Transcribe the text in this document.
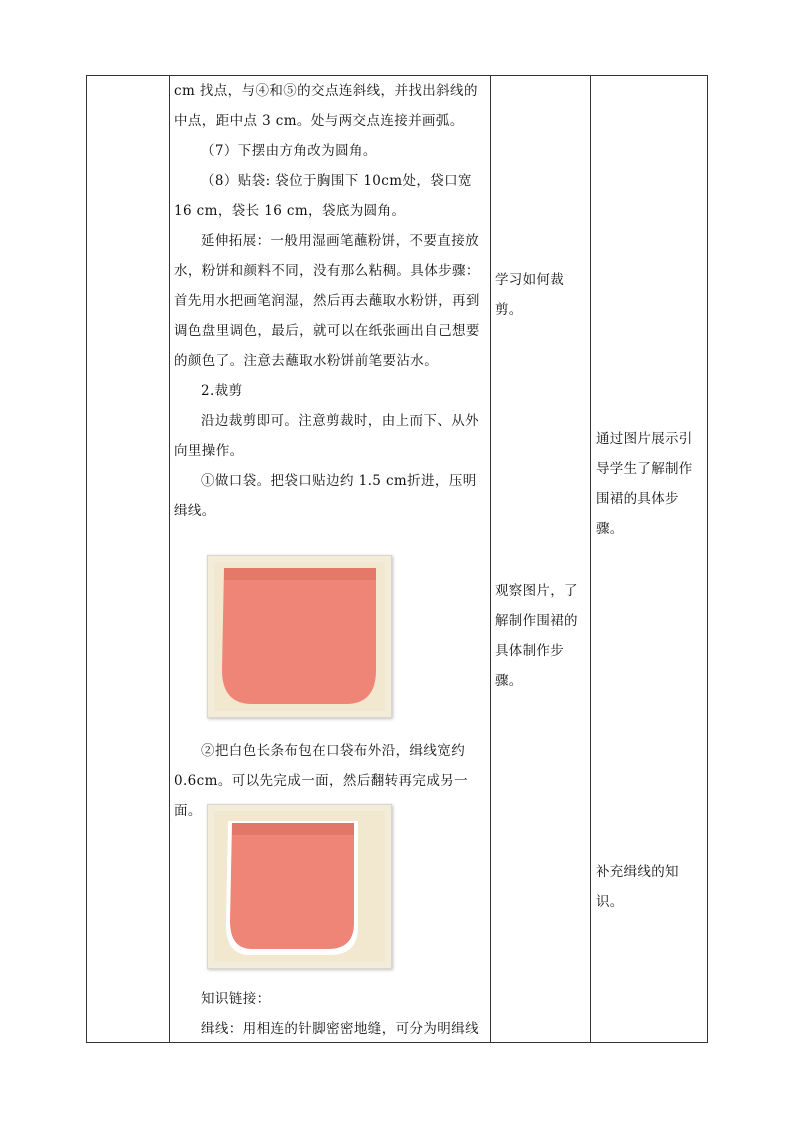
cm 找点，与④和⑤的交点连斜线，并找出斜线的中点，距中点 3 cm。处与两交点连接并画弧。

（7）下摆由方角改为圆角。

（8）贴袋: 袋位于胸围下 10cm处，袋口宽 16 cm，袋长 16 cm，袋底为圆角。

延伸拓展：一般用湿画笔蘸粉饼，不要直接放水，粉饼和颜料不同，没有那么粘稠。具体步骤：首先用水把画笔润湿，然后再去蘸取水粉饼，再到调色盘里调色，最后，就可以在纸张画出自己想要的颜色了。注意去蘸取水粉饼前笔要沾水。

2.裁剪

沿边裁剪即可。注意剪裁时，由上而下、从外向里操作。

①做口袋。把袋口贴边约 1.5 cm折进，压明缉线。

②把白色长条布包在口袋布外沿，缉线宽约 0.6cm。可以先完成一面，然后翻转再完成另一面。

知识链接：

缉线：用相连的针脚密密地缝，可分为明缉线

学习如何裁剪。
观察图片，了解制作围裙的具体制作步骤。
通过图片展示引导学生了解制作围裙的具体步骤。
补充缉线的知识。
